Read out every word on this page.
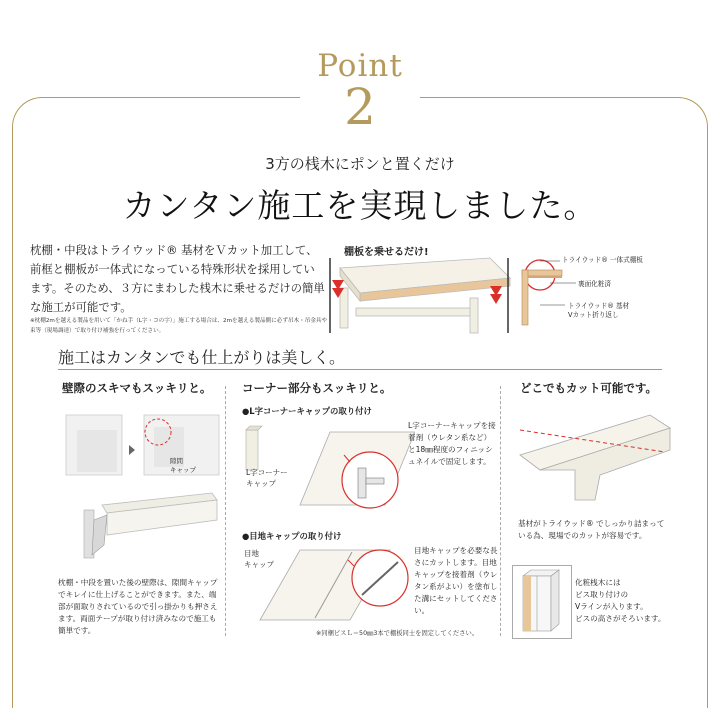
Point
2
3方の桟木にポンと置くだけ
カンタン施工を実現しました。
枕棚・中段はトライウッド® 基材をＶカット加工して、前框と棚板が一体式になっている特殊形状を採用しています。そのため、３方にまわした桟木に乗せるだけの簡単な施工が可能です。
※枕棚2mを越える製品を用いて「かね手（L字・コの字）」施工する場合は、2mを越える製品側に必ず吊木・吊金具や束等（現場調達）で取り付け補強を行ってください。
棚板を乗せるだけ!
トライウッド® 一体式棚板
裏面化粧済
トライウッド® 基材
Vカット折り返し
施工はカンタンでも仕上がりは美しく。
壁際のスキマもスッキリと。
隙間
キャップ
枕棚・中段を置いた後の壁際は、隙間キャップでキレイに仕上げることができます。また、端部が面取りされているので引っ掛かりも押さえます。両面テープが取り付け済みなので施工も簡単です。
コーナー部分もスッキリと。
●L字コーナーキャップの取り付け
L字コーナー
キャップ
L字コーナーキャップを接着剤（ウレタン系など）と18㎜程度のフィニッシュネイルで固定します。
●目地キャップの取り付け
目地
キャップ
目地キャップを必要な長さにカットします。目地キャップを接着剤（ウレタン系がよい）を塗布した溝にセットしてください。
※同梱ビスＬ＝50㎜3本で棚板同士を固定してください。
どこでもカット可能です。
基材がトライウッド® でしっかり詰まっている為、現場でのカットが容易です。
化粧桟木には
ビス取り付けの
Vラインが入ります。
ビスの高さがそろいます。
